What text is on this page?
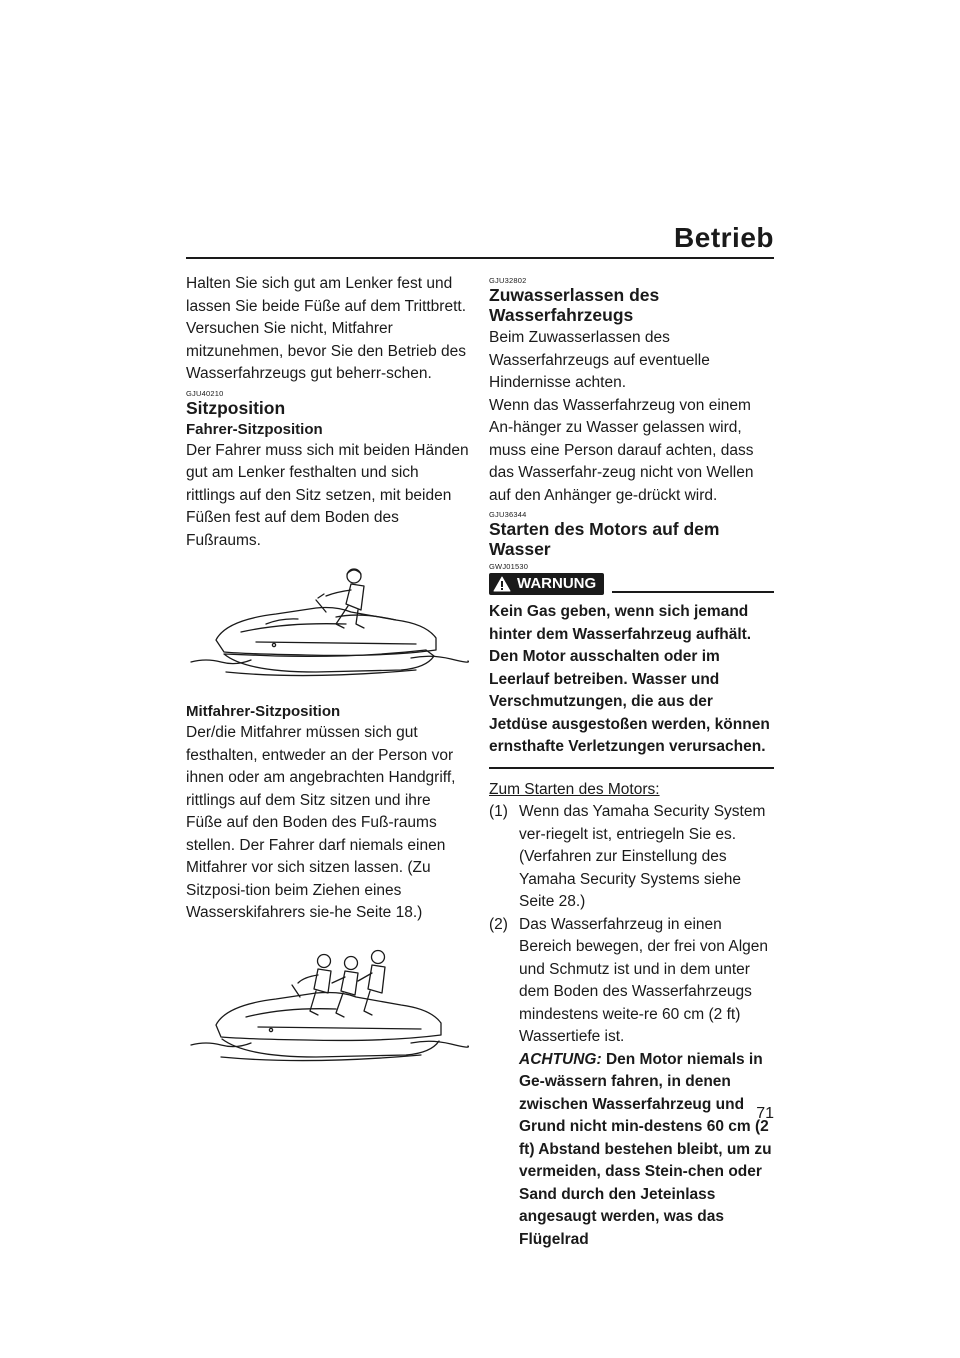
Betrieb

Halten Sie sich gut am Lenker fest und lassen Sie beide Füße auf dem Trittbrett. Versuchen Sie nicht, Mitfahrer mitzunehmen, bevor Sie den Betrieb des Wasserfahrzeugs gut beherr-schen.

GJU40210

Sitzposition

Fahrer-Sitzposition

Der Fahrer muss sich mit beiden Händen gut am Lenker festhalten und sich rittlings auf den Sitz setzen, mit beiden Füßen fest auf dem Boden des Fußraums.

Mitfahrer-Sitzposition

Der/die Mitfahrer müssen sich gut festhalten, entweder an der Person vor ihnen oder am angebrachten Handgriff, rittlings auf dem Sitz sitzen und ihre Füße auf den Boden des Fuß-raums stellen. Der Fahrer darf niemals einen Mitfahrer vor sich sitzen lassen. (Zu Sitzposi-tion beim Ziehen eines Wasserskifahrers sie-he Seite 18.)

GJU32802

Zuwasserlassen des
Wasserfahrzeugs

Beim Zuwasserlassen des Wasserfahrzeugs auf eventuelle Hindernisse achten.

Wenn das Wasserfahrzeug von einem An-hänger zu Wasser gelassen wird, muss eine Person darauf achten, dass das Wasserfahr-zeug nicht von Wellen auf den Anhänger ge-drückt wird.

GJU36344

Starten des Motors auf dem Wasser

GWJ01530

WARNUNG

Kein Gas geben, wenn sich jemand hinter dem Wasserfahrzeug aufhält. Den Motor ausschalten oder im Leerlauf betreiben. Wasser und Verschmutzungen, die aus der Jetdüse ausgestoßen werden, können ernsthafte Verletzungen verursachen.

Zum Starten des Motors:

(1) Wenn das Yamaha Security System ver-riegelt ist, entriegeln Sie es. (Verfahren zur Einstellung des Yamaha Security Systems siehe Seite 28.)
(2) Das Wasserfahrzeug in einen Bereich bewegen, der frei von Algen und Schmutz ist und in dem unter dem Boden des Wasserfahrzeugs mindestens weite-re 60 cm (2 ft) Wassertiefe ist.
ACHTUNG: Den Motor niemals in Ge-wässern fahren, in denen zwischen Wasserfahrzeug und Grund nicht min-destens 60 cm (2 ft) Abstand bestehen bleibt, um zu vermeiden, dass Stein-chen oder Sand durch den Jeteinlass angesaugt werden, was das Flügelrad
71
